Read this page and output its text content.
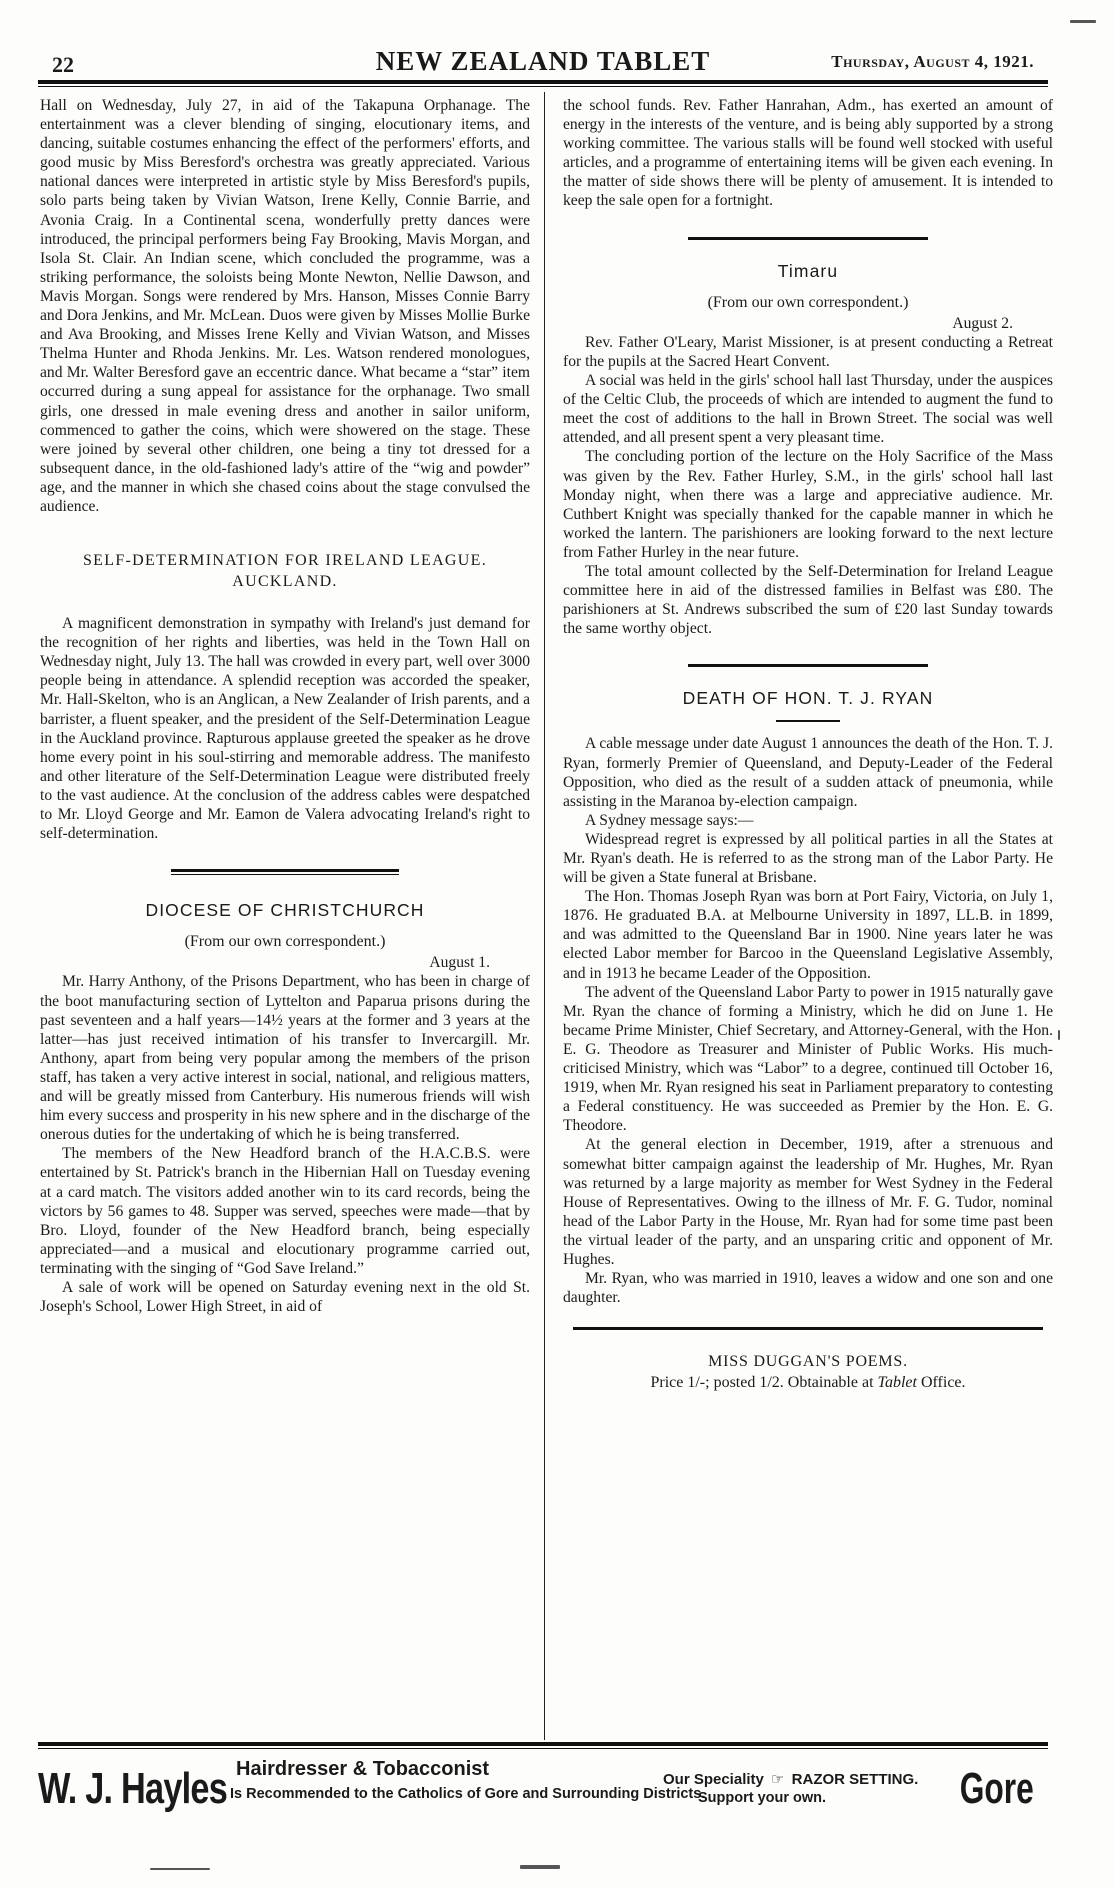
22	NEW ZEALAND TABLET	Thursday, August 4, 1921.

Hall on Wednesday, July 27, in aid of the Takapuna Orphanage. The entertainment was a clever blending of singing, elocutionary items, and dancing, suitable costumes enhancing the effect of the performers' efforts, and good music by Miss Beresford's orchestra was greatly appreciated. Various national dances were interpreted in artistic style by Miss Beresford's pupils, solo parts being taken by Vivian Watson, Irene Kelly, Connie Barrie, and Avonia Craig. In a Continental scena, wonderfully pretty dances were introduced, the principal performers being Fay Brooking, Mavis Morgan, and Isola St. Clair. An Indian scene, which concluded the programme, was a striking performance, the soloists being Monte Newton, Nellie Dawson, and Mavis Morgan. Songs were rendered by Mrs. Hanson, Misses Connie Barry and Dora Jenkins, and Mr. McLean. Duos were given by Misses Mollie Burke and Ava Brooking, and Misses Irene Kelly and Vivian Watson, and Misses Thelma Hunter and Rhoda Jenkins. Mr. Les. Watson rendered monologues, and Mr. Walter Beresford gave an eccentric dance. What became a “star” item occurred during a sung appeal for assistance for the orphanage. Two small girls, one dressed in male evening dress and another in sailor uniform, commenced to gather the coins, which were showered on the stage. These were joined by several other children, one being a tiny tot dressed for a subsequent dance, in the old-fashioned lady's attire of the “wig and powder” age, and the manner in which she chased coins about the stage convulsed the audience.

SELF-DETERMINATION FOR IRELAND LEAGUE.
AUCKLAND.

A magnificent demonstration in sympathy with Ireland's just demand for the recognition of her rights and liberties, was held in the Town Hall on Wednesday night, July 13. The hall was crowded in every part, well over 3000 people being in attendance. A splendid reception was accorded the speaker, Mr. Hall-Skelton, who is an Anglican, a New Zealander of Irish parents, and a barrister, a fluent speaker, and the president of the Self-Determination League in the Auckland province. Rapturous applause greeted the speaker as he drove home every point in his soul-stirring and memorable address. The manifesto and other literature of the Self-Determination League were distributed freely to the vast audience. At the conclusion of the address cables were despatched to Mr. Lloyd George and Mr. Eamon de Valera advocating Ireland's right to self-determination.

DIOCESE OF CHRISTCHURCH
(From our own correspondent.)

August 1.

Mr. Harry Anthony, of the Prisons Department, who has been in charge of the boot manufacturing section of Lyttelton and Paparua prisons during the past seventeen and a half years—14½ years at the former and 3 years at the latter—has just received intimation of his transfer to Invercargill. Mr. Anthony, apart from being very popular among the members of the prison staff, has taken a very active interest in social, national, and religious matters, and will be greatly missed from Canterbury. His numerous friends will wish him every success and prosperity in his new sphere and in the discharge of the onerous duties for the undertaking of which he is being transferred.

The members of the New Headford branch of the H.A.C.B.S. were entertained by St. Patrick's branch in the Hibernian Hall on Tuesday evening at a card match. The visitors added another win to its card records, being the victors by 56 games to 48. Supper was served, speeches were made—that by Bro. Lloyd, founder of the New Headford branch, being especially appreciated—and a musical and elocutionary programme carried out, terminating with the singing of “God Save Ireland.”

A sale of work will be opened on Saturday evening next in the old St. Joseph's School, Lower High Street, in aid of

the school funds. Rev. Father Hanrahan, Adm., has exerted an amount of energy in the interests of the venture, and is being ably supported by a strong working committee. The various stalls will be found well stocked with useful articles, and a programme of entertaining items will be given each evening. In the matter of side shows there will be plenty of amusement. It is intended to keep the sale open for a fortnight.

Timaru
(From our own correspondent.)

August 2.

Rev. Father O'Leary, Marist Missioner, is at present conducting a Retreat for the pupils at the Sacred Heart Convent.

A social was held in the girls' school hall last Thursday, under the auspices of the Celtic Club, the proceeds of which are intended to augment the fund to meet the cost of additions to the hall in Brown Street. The social was well attended, and all present spent a very pleasant time.

The concluding portion of the lecture on the Holy Sacrifice of the Mass was given by the Rev. Father Hurley, S.M., in the girls' school hall last Monday night, when there was a large and appreciative audience. Mr. Cuthbert Knight was specially thanked for the capable manner in which he worked the lantern. The parishioners are looking forward to the next lecture from Father Hurley in the near future.

The total amount collected by the Self-Determination for Ireland League committee here in aid of the distressed families in Belfast was £80. The parishioners at St. Andrews subscribed the sum of £20 last Sunday towards the same worthy object.

DEATH OF HON. T. J. RYAN

A cable message under date August 1 announces the death of the Hon. T. J. Ryan, formerly Premier of Queensland, and Deputy-Leader of the Federal Opposition, who died as the result of a sudden attack of pneumonia, while assisting in the Maranoa by-election campaign.

A Sydney message says:—

Widespread regret is expressed by all political parties in all the States at Mr. Ryan's death. He is referred to as the strong man of the Labor Party. He will be given a State funeral at Brisbane.

The Hon. Thomas Joseph Ryan was born at Port Fairy, Victoria, on July 1, 1876. He graduated B.A. at Melbourne University in 1897, LL.B. in 1899, and was admitted to the Queensland Bar in 1900. Nine years later he was elected Labor member for Barcoo in the Queensland Legislative Assembly, and in 1913 he became Leader of the Opposition.

The advent of the Queensland Labor Party to power in 1915 naturally gave Mr. Ryan the chance of forming a Ministry, which he did on June 1. He became Prime Minister, Chief Secretary, and Attorney-General, with the Hon. E. G. Theodore as Treasurer and Minister of Public Works. His much-criticised Ministry, which was “Labor” to a degree, continued till October 16, 1919, when Mr. Ryan resigned his seat in Parliament preparatory to contesting a Federal constituency. He was succeeded as Premier by the Hon. E. G. Theodore.

At the general election in December, 1919, after a strenuous and somewhat bitter campaign against the leadership of Mr. Hughes, Mr. Ryan was returned by a large majority as member for West Sydney in the Federal House of Representatives. Owing to the illness of Mr. F. G. Tudor, nominal head of the Labor Party in the House, Mr. Ryan had for some time past been the virtual leader of the party, and an unsparing critic and opponent of Mr. Hughes.

Mr. Ryan, who was married in 1910, leaves a widow and one son and one daughter.

MISS DUGGAN'S POEMS.
Price 1/-; posted 1/2. Obtainable at Tablet Office.
W. J. Hayles Hairdresser & Tobacconist
Is Recommended to the Catholics of Gore and Surrounding Districts.
Our Speciality ☞ RAZOR SETTING.
Support your own.	Gore
